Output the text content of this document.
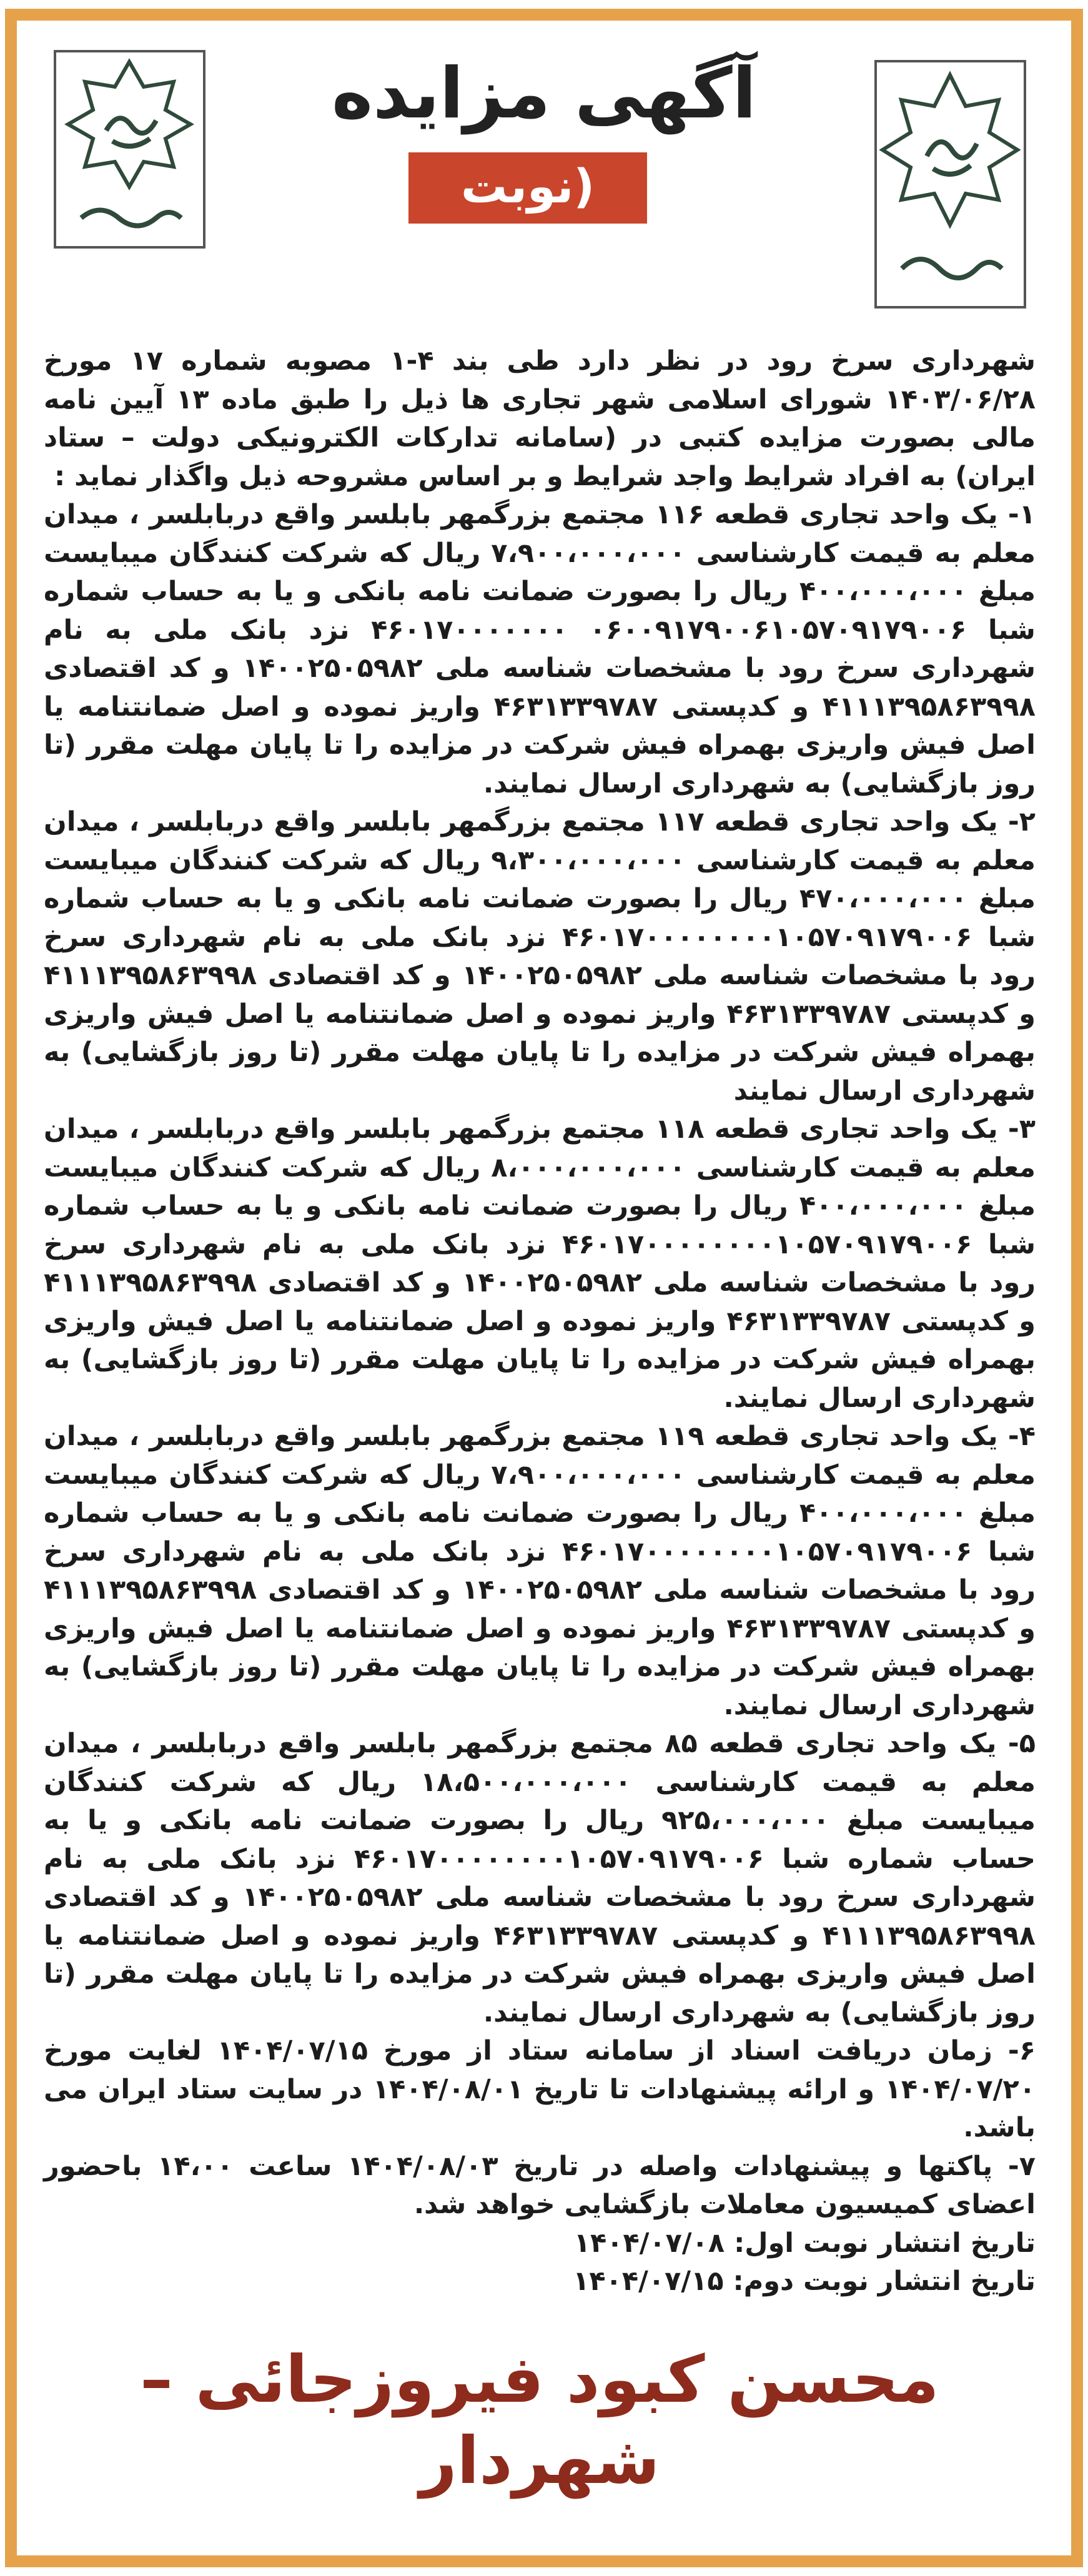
آگهی مزایده
(نوبت اول)

شهرداری سرخ رود در نظر دارد طی بند ۴-۱ مصوبه شماره ۱۷ مورخ ۱۴۰۳/۰۶/۲۸ شورای اسلامی شهر تجاری ها ذیل را طبق ماده ۱۳ آیین نامه مالی بصورت مزایده کتبی در (سامانه تدارکات الکترونیکی دولت – ستاد ایران) به افراد شرایط واجد شرایط و بر اساس مشروحه ذیل واگذار نماید :

۱- یک واحد تجاری قطعه ۱۱۶ مجتمع بزرگمهر بابلسر واقع دربابلسر ، میدان معلم به قیمت کارشناسی ۷،۹۰۰،۰۰۰،۰۰۰ ریال که شرکت کنندگان میبایست مبلغ ۴۰۰،۰۰۰،۰۰۰ ریال را بصورت ضمانت نامه بانکی و یا به حساب شماره شبا ۰۶۰۰۹۱۷۹۰۰۶۱۰۵۷۰۹۱۷۹۰۰۶ ۴۶۰۱۷۰۰۰۰۰۰۰ نزد بانک ملی به نام شهرداری سرخ رود با مشخصات شناسه ملی ۱۴۰۰۲۵۰۵۹۸۲ و کد اقتصادی ۴۱۱۱۳۹۵۸۶۳۹۹۸ و کدپستی ۴۶۳۱۳۳۹۷۸۷ واریز نموده و اصل ضمانتنامه یا اصل فیش واریزی بهمراه فیش شرکت در مزایده را تا پایان مهلت مقرر (تا روز بازگشایی) به شهرداری ارسال نمایند.

۲- یک واحد تجاری قطعه ۱۱۷ مجتمع بزرگمهر بابلسر واقع دربابلسر ، میدان معلم به قیمت کارشناسی ۹،۳۰۰،۰۰۰،۰۰۰ ریال که شرکت کنندگان میبایست مبلغ ۴۷۰،۰۰۰،۰۰۰ ریال را بصورت ضمانت نامه بانکی و یا به حساب شماره شبا ۴۶۰۱۷۰۰۰۰۰۰۰۰۱۰۵۷۰۹۱۷۹۰۰۶ نزد بانک ملی به نام شهرداری سرخ رود با مشخصات شناسه ملی ۱۴۰۰۲۵۰۵۹۸۲ و کد اقتصادی ۴۱۱۱۳۹۵۸۶۳۹۹۸ و کدپستی ۴۶۳۱۳۳۹۷۸۷ واریز نموده و اصل ضمانتنامه یا اصل فیش واریزی بهمراه فیش شرکت در مزایده را تا پایان مهلت مقرر (تا روز بازگشایی) به شهرداری ارسال نمایند

۳- یک واحد تجاری قطعه ۱۱۸ مجتمع بزرگمهر بابلسر واقع دربابلسر ، میدان معلم به قیمت کارشناسی ۸،۰۰۰،۰۰۰،۰۰۰ ریال که شرکت کنندگان میبایست مبلغ ۴۰۰،۰۰۰،۰۰۰ ریال را بصورت ضمانت نامه بانکی و یا به حساب شماره شبا ۴۶۰۱۷۰۰۰۰۰۰۰۰۱۰۵۷۰۹۱۷۹۰۰۶ نزد بانک ملی به نام شهرداری سرخ رود با مشخصات شناسه ملی ۱۴۰۰۲۵۰۵۹۸۲ و کد اقتصادی ۴۱۱۱۳۹۵۸۶۳۹۹۸ و کدپستی ۴۶۳۱۳۳۹۷۸۷ واریز نموده و اصل ضمانتنامه یا اصل فیش واریزی بهمراه فیش شرکت در مزایده را تا پایان مهلت مقرر (تا روز بازگشایی) به شهرداری ارسال نمایند.

۴- یک واحد تجاری قطعه ۱۱۹ مجتمع بزرگمهر بابلسر واقع دربابلسر ، میدان معلم به قیمت کارشناسی ۷،۹۰۰،۰۰۰،۰۰۰ ریال که شرکت کنندگان میبایست مبلغ ۴۰۰،۰۰۰،۰۰۰ ریال را بصورت ضمانت نامه بانکی و یا به حساب شماره شبا ۴۶۰۱۷۰۰۰۰۰۰۰۰۱۰۵۷۰۹۱۷۹۰۰۶ نزد بانک ملی به نام شهرداری سرخ رود با مشخصات شناسه ملی ۱۴۰۰۲۵۰۵۹۸۲ و کد اقتصادی ۴۱۱۱۳۹۵۸۶۳۹۹۸ و کدپستی ۴۶۳۱۳۳۹۷۸۷ واریز نموده و اصل ضمانتنامه یا اصل فیش واریزی بهمراه فیش شرکت در مزایده را تا پایان مهلت مقرر (تا روز بازگشایی) به شهرداری ارسال نمایند.

۵- یک واحد تجاری قطعه ۸۵ مجتمع بزرگمهر بابلسر واقع دربابلسر ، میدان معلم به قیمت کارشناسی ۱۸،۵۰۰،۰۰۰،۰۰۰ ریال که شرکت کنندگان میبایست مبلغ ۹۲۵،۰۰۰،۰۰۰ ریال را بصورت ضمانت نامه بانکی و یا به حساب شماره شبا ۴۶۰۱۷۰۰۰۰۰۰۰۰۱۰۵۷۰۹۱۷۹۰۰۶ نزد بانک ملی به نام شهرداری سرخ رود با مشخصات شناسه ملی ۱۴۰۰۲۵۰۵۹۸۲ و کد اقتصادی ۴۱۱۱۳۹۵۸۶۳۹۹۸ و کدپستی ۴۶۳۱۳۳۹۷۸۷ واریز نموده و اصل ضمانتنامه یا اصل فیش واریزی بهمراه فیش شرکت در مزایده را تا پایان مهلت مقرر (تا روز بازگشایی) به شهرداری ارسال نمایند.

۶- زمان دریافت اسناد از سامانه ستاد از مورخ ۱۴۰۴/۰۷/۱۵ لغایت مورخ ۱۴۰۴/۰۷/۲۰ و ارائه پیشنهادات تا تاریخ ۱۴۰۴/۰۸/۰۱ در سایت ستاد ایران می باشد.

۷- پاکتها و پیشنهادات واصله در تاریخ ۱۴۰۴/۰۸/۰۳ ساعت ۱۴،۰۰ باحضور اعضای کمیسیون معاملات بازگشایی خواهد شد.

تاریخ انتشار نوبت اول: ۱۴۰۴/۰۷/۰۸

تاریخ انتشار نوبت دوم: ۱۴۰۴/۰۷/۱۵

محسن کبود فیروزجائی – شهردار
